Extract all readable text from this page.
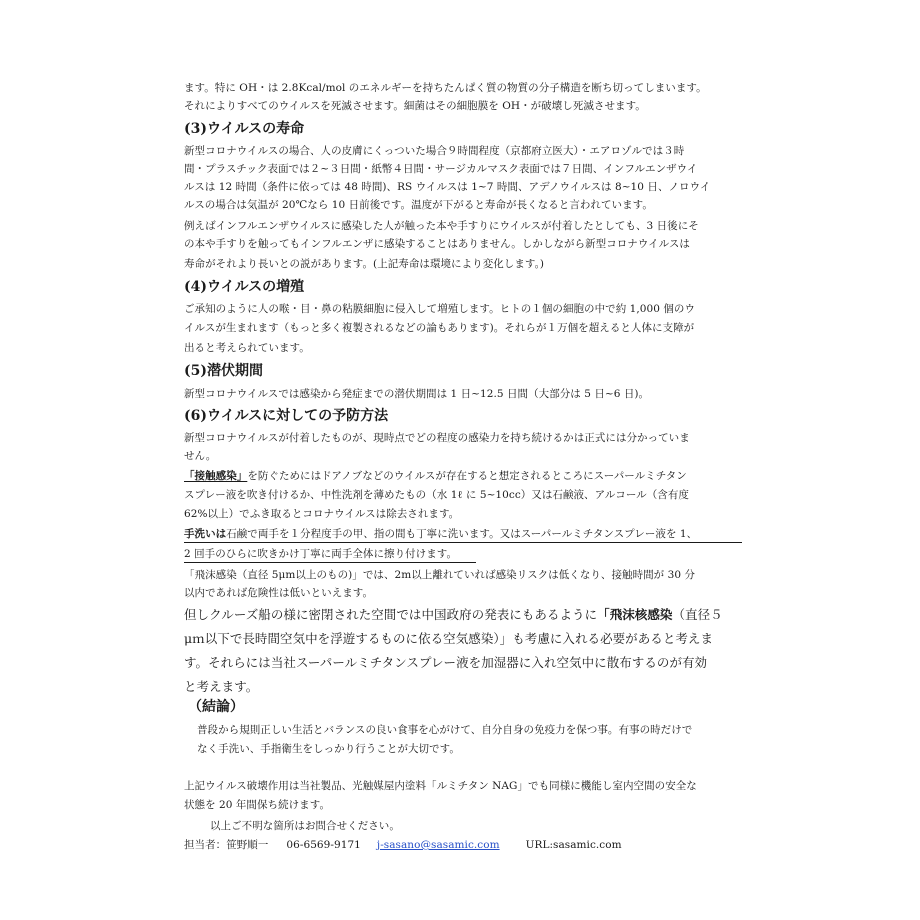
ます。特に OH・は 2.8Kcal/mol のエネルギーを持ちたんぱく質の物質の分子構造を断ち切ってしまいます。
それによりすべてのウイルスを死滅させます。細菌はその細胞膜を OH・が破壊し死滅させます。
(3)ウイルスの寿命
新型コロナウイルスの場合、人の皮膚にくっついた場合９時間程度（京都府立医大）・エアロゾルでは３時
間・プラスチック表面では２~３日間・紙幣４日間・サージカルマスク表面では７日間、インフルエンザウイ
ルスは 12 時間（条件に依っては 48 時間)、RS ウイルスは 1~7 時間、アデノウイルスは 8~10 日、ノロウイ
ルスの場合は気温が 20℃なら 10 日前後です。温度が下がると寿命が長くなると言われています。
例えばインフルエンザウイルスに感染した人が触った本や手すりにウイルスが付着したとしても、3 日後にそ
の本や手すりを触ってもインフルエンザに感染することはありません。しかしながら新型コロナウイルスは
寿命がそれより長いとの説があります。(上記寿命は環境により変化します。)
(4)ウイルスの増殖
ご承知のように人の喉・目・鼻の粘膜細胞に侵入して増殖します。ヒトの１個の細胞の中で約 1,000 個のウ
イルスが生まれます（もっと多く複製されるなどの論もあります)。それらが１万個を超えると人体に支障が
出ると考えられています。
(5)潜伏期間
新型コロナウイルスでは感染から発症までの潜伏期間は 1 日~12.5 日間（大部分は 5 日~6 日)。
(6)ウイルスに対しての予防方法
新型コロナウイルスが付着したものが、現時点でどの程度の感染力を持ち続けるかは正式には分かっていま
せん。
「接触感染」を防ぐためにはドアノブなどのウイルスが存在すると想定されるところにスーパールミチタン
スプレー液を吹き付けるか、中性洗剤を薄めたもの（水 1ℓ に 5~10cc）又は石鹸液、アルコール（含有度
62%以上）でふき取るとコロナウイルスは除去されます。
手洗いは石鹸で両手を１分程度手の甲、指の間も丁寧に洗います。又はスーパールミチタンスプレー液を 1、
2 回手のひらに吹きかけ丁寧に両手全体に擦り付けます。
「飛沫感染（直径 5μm以上のもの)」では、2m以上離れていれば感染リスクは低くなり、接触時間が 30 分
以内であれば危険性は低いといえます。
但しクルーズ船の様に密閉された空間では中国政府の発表にもあるように「飛沫核感染（直径５
μｍ以下で長時間空気中を浮遊するものに依る空気感染）」も考慮に入れる必要があると考えま
す。それらには当社スーパールミチタンスプレー液を加湿器に入れ空気中に散布するのが有効
と考えます。
（結論）
普段から規則正しい生活とバランスの良い食事を心がけて、自分自身の免疫力を保つ事。有事の時だけで
なく手洗い、手指衛生をしっかり行うことが大切です。
上記ウイルス破壊作用は当社製品、光触媒屋内塗料「ルミチタン NAG」でも同様に機能し室内空間の安全な
状態を 20 年間保ち続けます。
以上ご不明な箇所はお問合せください。
担当者：笹野順一 06-6569-9171 j-sasano@sasamic.com URL:sasamic.com
